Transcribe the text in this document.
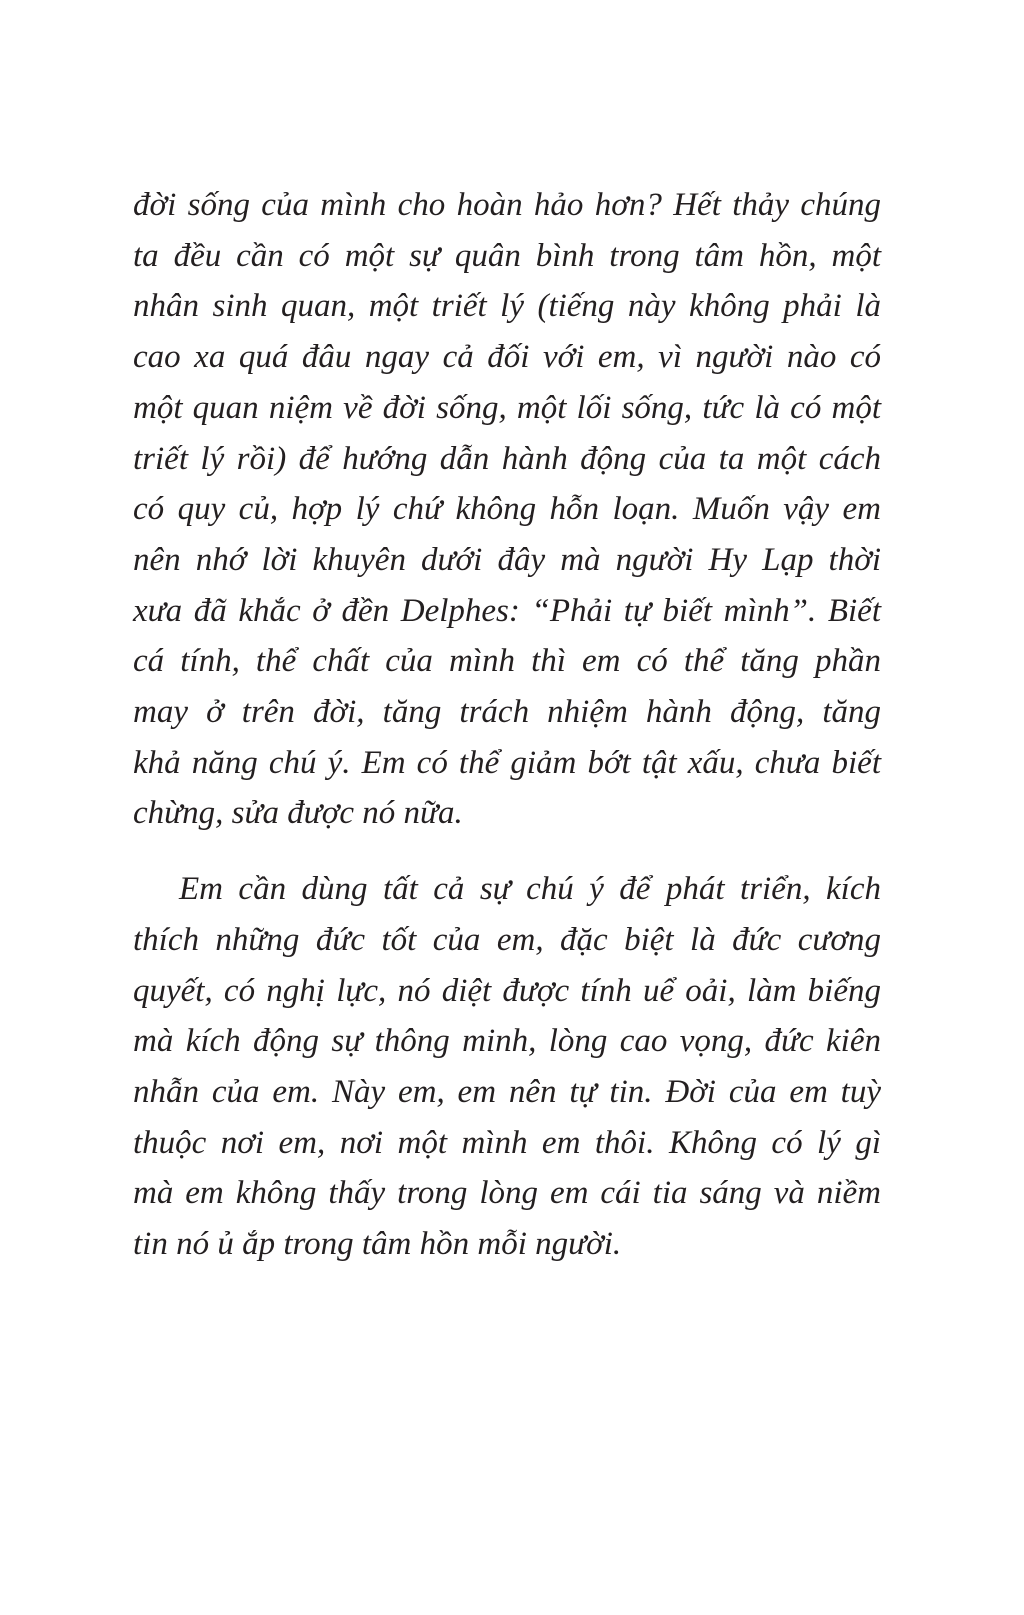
đời sống của mình cho hoàn hảo hơn? Hết thảy chúng
ta đều cần có một sự quân bình trong tâm hồn, một
nhân sinh quan, một triết lý (tiếng này không phải là
cao xa quá đâu ngay cả đối với em, vì người nào có
một quan niệm về đời sống, một lối sống, tức là có một
triết lý rồi) để hướng dẫn hành động của ta một cách
có quy củ, hợp lý chứ không hỗn loạn. Muốn vậy em
nên nhớ lời khuyên dưới đây mà người Hy Lạp thời
xưa đã khắc ở đền Delphes: “Phải tự biết mình”. Biết
cá tính, thể chất của mình thì em có thể tăng phần
may ở trên đời, tăng trách nhiệm hành động, tăng
khả năng chú ý. Em có thể giảm bớt tật xấu, chưa biết
chừng, sửa được nó nữa.

Em cần dùng tất cả sự chú ý để phát triển, kích
thích những đức tốt của em, đặc biệt là đức cương
quyết, có nghị lực, nó diệt được tính uể oải, làm biếng
mà kích động sự thông minh, lòng cao vọng, đức kiên
nhẫn của em. Này em, em nên tự tin. Đời của em tuỳ
thuộc nơi em, nơi một mình em thôi. Không có lý gì
mà em không thấy trong lòng em cái tia sáng và niềm
tin nó ủ ắp trong tâm hồn mỗi người.
